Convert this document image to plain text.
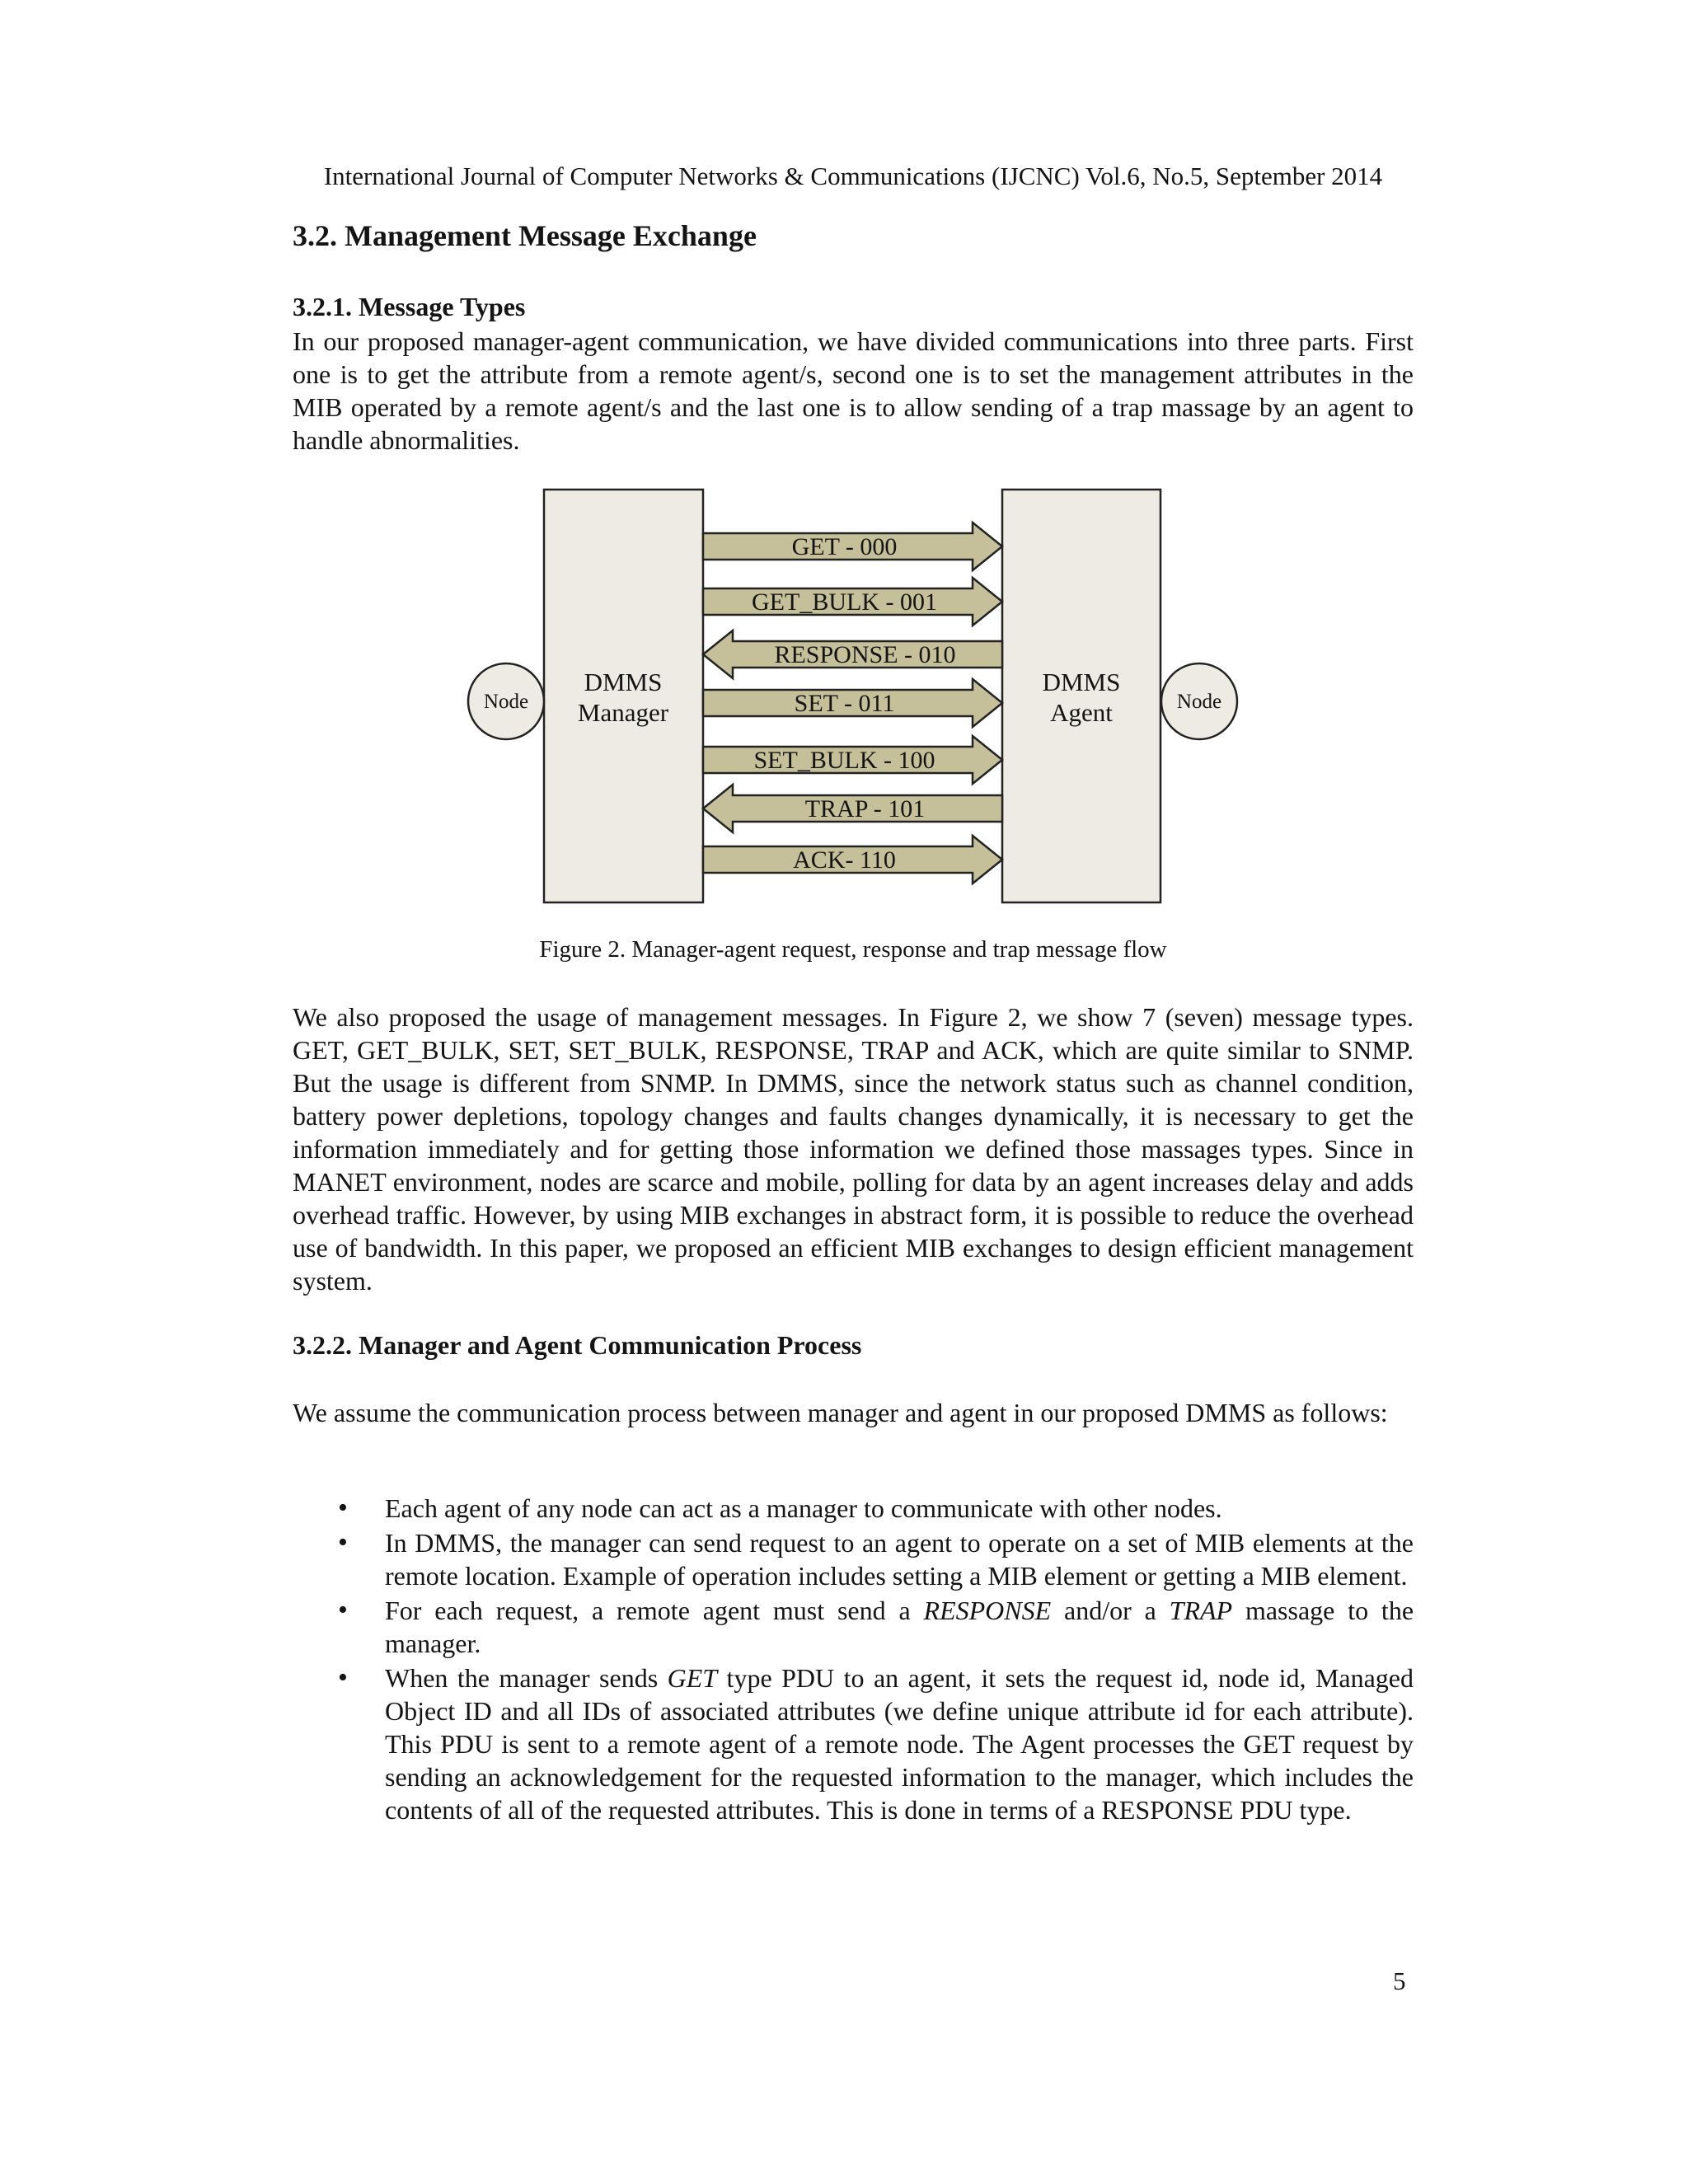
International Journal of Computer Networks & Communications (IJCNC) Vol.6, No.5, September 2014
3.2. Management Message Exchange
3.2.1. Message Types

In our proposed manager-agent communication, we have divided communications into three parts. First one is to get the attribute from a remote agent/s, second one is to set the management attributes in the MIB operated by a remote agent/s and the last one is to allow sending of a trap massage by an agent to handle abnormalities.

DMMS
Manager
DMMS
Agent
Node	Node
GET - 000
GET_BULK - 001
RESPONSE - 010
SET - 011
SET_BULK - 100
TRAP - 101
ACK- 110
Figure 2. Manager-agent request, response and trap message flow

We also proposed the usage of management messages. In Figure 2, we show 7 (seven) message types. GET, GET_BULK, SET, SET_BULK, RESPONSE, TRAP and ACK, which are quite similar to SNMP. But the usage is different from SNMP. In DMMS, since the network status such as channel condition, battery power depletions, topology changes and faults changes dynamically, it is necessary to get the information immediately and for getting those information we defined those massages types. Since in MANET environment, nodes are scarce and mobile, polling for data by an agent increases delay and adds overhead traffic. However, by using MIB exchanges in abstract form, it is possible to reduce the overhead use of bandwidth. In this paper, we proposed an efficient MIB exchanges to design efficient management system.

3.2.2. Manager and Agent Communication Process

We assume the communication process between manager and agent in our proposed DMMS as follows:

• Each agent of any node can act as a manager to communicate with other nodes.
• In DMMS, the manager can send request to an agent to operate on a set of MIB elements at the remote location. Example of operation includes setting a MIB element or getting a MIB element.
• For each request, a remote agent must send a RESPONSE and/or a TRAP massage to the manager.
• When the manager sends GET type PDU to an agent, it sets the request id, node id, Managed Object ID and all IDs of associated attributes (we define unique attribute id for each attribute). This PDU is sent to a remote agent of a remote node. The Agent processes the GET request by sending an acknowledgement for the requested information to the manager, which includes the contents of all of the requested attributes. This is done in terms of a RESPONSE PDU type.
5
